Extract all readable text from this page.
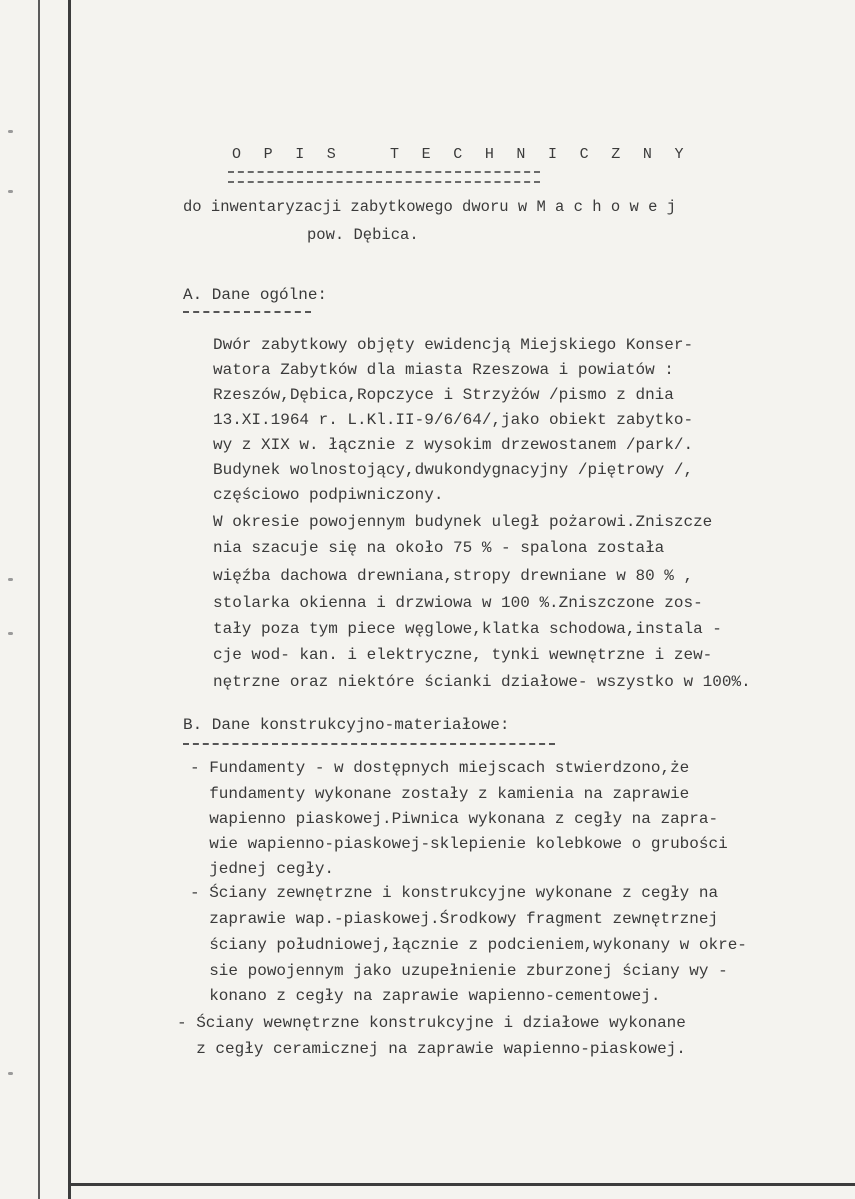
O P I S   T E C H N I C Z N Y
do inwentaryzacji zabytkowego dworu w M a c h o w e j
pow. Dębica.
A. Dane ogólne:
Dwór zabytkowy objęty ewidencją Miejskiego Konser-
watora Zabytków dla miasta Rzeszowa i powiatów :
Rzeszów,Dębica,Ropczyce i Strzyżów /pismo z dnia
13.XI.1964 r. L.Kl.II-9/6/64/,jako obiekt zabytko-
wy z XIX w. łącznie z wysokim drzewostanem /park/.
Budynek wolnostojący,dwukondygnacyjny /piętrowy /,
częściowo podpiwniczony.
W okresie powojennym budynek uległ pożarowi.Zniszcze
nia szacuje się na około 75 % - spalona została
więźba dachowa drewniana,stropy drewniane w 80 % ,
stolarka okienna i drzwiowa w 100 %.Zniszczone zos-
tały poza tym piece węglowe,klatka schodowa,instala -
cje wod- kan. i elektryczne, tynki wewnętrzne i zew-
nętrzne oraz niektóre ścianki działowe- wszystko w 100%.
B. Dane konstrukcyjno-materiałowe:
- Fundamenty - w dostępnych miejscach stwierdzono,że
fundamenty wykonane zostały z kamienia na zaprawie
wapienno piaskowej.Piwnica wykonana z cegły na zapra-
wie wapienno-piaskowej-sklepienie kolebkowe o grubości
jednej cegły.
- Ściany zewnętrzne i konstrukcyjne wykonane z cegły na
zaprawie wap.-piaskowej.Środkowy fragment zewnętrznej
ściany południowej,łącznie z podcieniem,wykonany w okre-
sie powojennym jako uzupełnienie zburzonej ściany wy -
konano z cegły na zaprawie wapienno-cementowej.
- Ściany wewnętrzne konstrukcyjne i działowe wykonane
z cegły ceramicznej na zaprawie wapienno-piaskowej.
